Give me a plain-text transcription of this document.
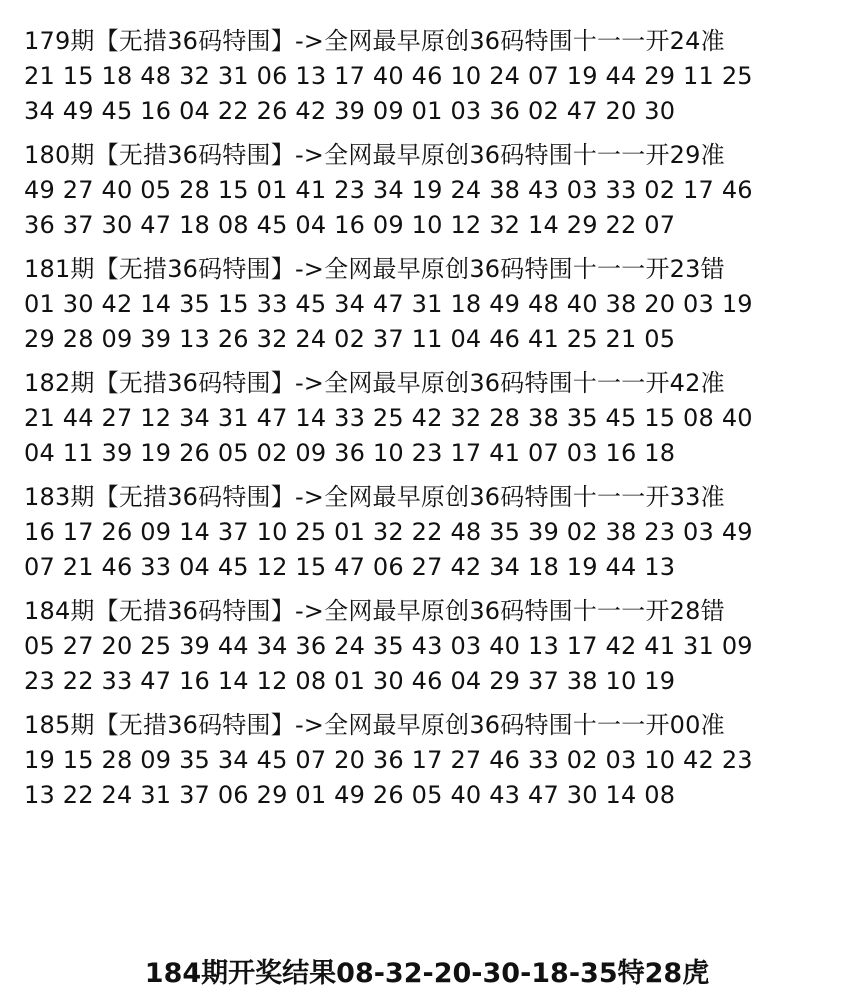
179期【无措36码特围】->全网最早原创36码特围十一一开24准
21 15 18 48 32 31 06 13 17 40 46 10 24 07 19 44 29 11 25
34 49 45 16 04 22 26 42 39 09 01 03 36 02 47 20 30
180期【无措36码特围】->全网最早原创36码特围十一一开29准
49 27 40 05 28 15 01 41 23 34 19 24 38 43 03 33 02 17 46
36 37 30 47 18 08 45 04 16 09 10 12 32 14 29 22 07
181期【无措36码特围】->全网最早原创36码特围十一一开23错
01 30 42 14 35 15 33 45 34 47 31 18 49 48 40 38 20 03 19
29 28 09 39 13 26 32 24 02 37 11 04 46 41 25 21 05
182期【无措36码特围】->全网最早原创36码特围十一一开42准
21 44 27 12 34 31 47 14 33 25 42 32 28 38 35 45 15 08 40
04 11 39 19 26 05 02 09 36 10 23 17 41 07 03 16 18
183期【无措36码特围】->全网最早原创36码特围十一一开33准
16 17 26 09 14 37 10 25 01 32 22 48 35 39 02 38 23 03 49
07 21 46 33 04 45 12 15 47 06 27 42 34 18 19 44 13
184期【无措36码特围】->全网最早原创36码特围十一一开28错
05 27 20 25 39 44 34 36 24 35 43 03 40 13 17 42 41 31 09
23 22 33 47 16 14 12 08 01 30 46 04 29 37 38 10 19
185期【无措36码特围】->全网最早原创36码特围十一一开00准
19 15 28 09 35 34 45 07 20 36 17 27 46 33 02 03 10 42 23
13 22 24 31 37 06 29 01 49 26 05 40 43 47 30 14 08
184期开奖结果08-32-20-30-18-35特28虎
